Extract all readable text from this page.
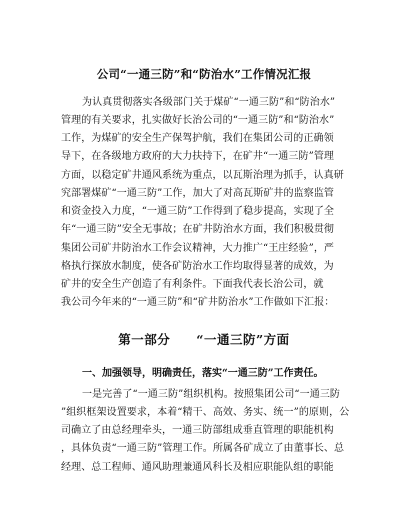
公司“一通三防”和“防治水”工作情况汇报
为认真贯彻落实各级部门关于煤矿“一通三防”和“防治水”
管理的有关要求，扎实做好长治公司的“一通三防”和“防治水”
工作，为煤矿的安全生产保驾护航，我们在集团公司的正确领
导下，在各级地方政府的大力扶持下，在矿井“一通三防”管理
方面，以稳定矿井通风系统为重点，以瓦斯治理为抓手，认真研
究部署煤矿“一通三防”工作，加大了对高瓦斯矿井的监察监管
和资金投入力度，“一通三防”工作得到了稳步提高，实现了全
年“一通三防”安全无事故；在矿井防治水方面，我们积极贯彻
集团公司矿井防治水工作会议精神，大力推广“王庄经验”，严
格执行探放水制度，使各矿防治水工作均取得显著的成效，为
矿井的安全生产创造了有利条件。下面我代表长治公司，就
我公司今年来的“一通三防”和“矿井防治水”工作做如下汇报：
第一部分　　“一通三防”方面
一、加强领导，明确责任，落实“一通三防”工作责任。
一是完善了“一通三防”组织机构。按照集团公司“一通三防
”组织框架设置要求，本着“精干、高效、务实、统一”的原则，公
司确立了由总经理牵头，一通三防部组成垂直管理的职能机构
，具体负责“一通三防”管理工作。所属各矿成立了由董事长、总
经理、总工程师、通风助理兼通风科长及相应职能队组的职能
